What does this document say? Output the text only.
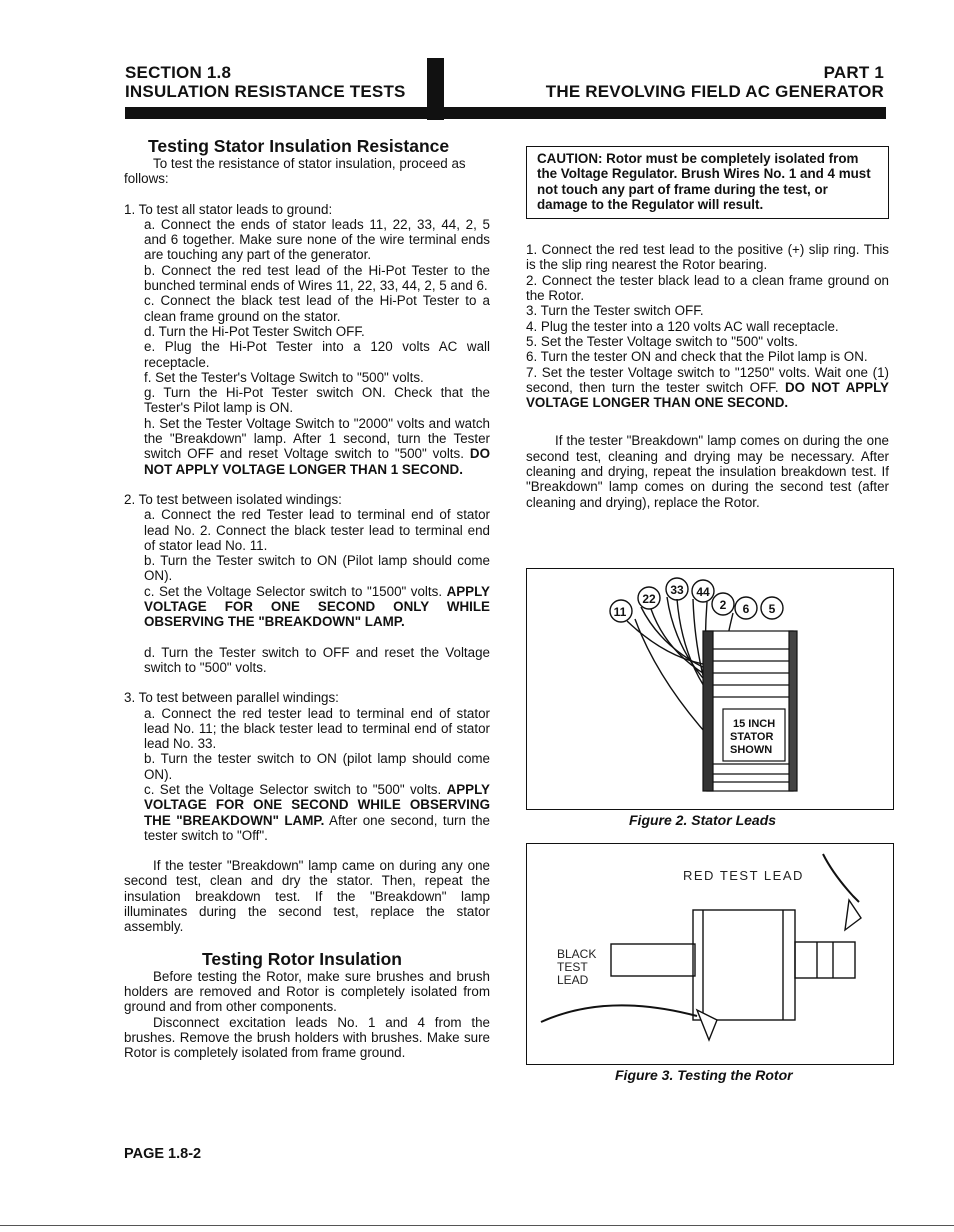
SECTION 1.8
INSULATION RESISTANCE TESTS
PART 1
THE REVOLVING FIELD AC GENERATOR
Testing Stator Insulation Resistance

To test the resistance of stator insulation, proceed as follows:

1. To test all stator leads to ground:

a. Connect the ends of stator leads 11, 22, 33, 44, 2, 5 and 6 together. Make sure none of the wire terminal ends are touching any part of the generator.

b. Connect the red test lead of the Hi-Pot Tester to the bunched terminal ends of Wires 11, 22, 33, 44, 2, 5 and 6.

c. Connect the black test lead of the Hi-Pot Tester to a clean frame ground on the stator.

d. Turn the Hi-Pot Tester Switch OFF.

e. Plug the Hi-Pot Tester into a 120 volts AC wall receptacle.

f. Set the Tester's Voltage Switch to "500" volts.

g. Turn the Hi-Pot Tester switch ON. Check that the Tester's Pilot lamp is ON.

h. Set the Tester Voltage Switch to "2000" volts and watch the "Breakdown" lamp. After 1 second, turn the Tester switch OFF and reset Voltage switch to "500" volts. DO NOT APPLY VOLTAGE LONGER THAN 1 SECOND.

2. To test between isolated windings:

a. Connect the red Tester lead to terminal end of stator lead No. 2. Connect the black tester lead to terminal end of stator lead No. 11.

b. Turn the Tester switch to ON (Pilot lamp should come ON).

c. Set the Voltage Selector switch to "1500" volts. APPLY VOLTAGE FOR ONE SECOND ONLY WHILE OBSERVING THE "BREAKDOWN" LAMP.

d. Turn the Tester switch to OFF and reset the Voltage switch to "500" volts.

3. To test between parallel windings:

a. Connect the red tester lead to terminal end of stator lead No. 11; the black tester lead to terminal end of stator lead No. 33.

b. Turn the tester switch to ON (pilot lamp should come ON).

c. Set the Voltage Selector switch to "500" volts. APPLY VOLTAGE FOR ONE SECOND WHILE OBSERVING THE "BREAKDOWN" LAMP. After one second, turn the tester switch to "Off".

If the tester "Breakdown" lamp came on during any one second test, clean and dry the stator. Then, repeat the insulation breakdown test. If the "Breakdown" lamp illuminates during the second test, replace the stator assembly.

Testing Rotor Insulation

Before testing the Rotor, make sure brushes and brush holders are removed and Rotor is completely isolated from ground and from other components.

Disconnect excitation leads No. 1 and 4 from the brushes. Remove the brush holders with brushes. Make sure Rotor is completely isolated from frame ground.

CAUTION: Rotor must be completely isolated from the Voltage Regulator. Brush Wires No. 1 and 4 must not touch any part of frame during the test, or damage to the Regulator will result.

1. Connect the red test lead to the positive (+) slip ring. This is the slip ring nearest the Rotor bearing.

2. Connect the tester black lead to a clean frame ground on the Rotor.

3. Turn the Tester switch OFF.

4. Plug the tester into a 120 volts AC wall receptacle.

5. Set the Tester Voltage switch to "500" volts.

6. Turn the tester ON and check that the Pilot lamp is ON.

7. Set the tester Voltage switch to "1250" volts. Wait one (1) second, then turn the tester switch OFF. DO NOT APPLY VOLTAGE LONGER THAN ONE SECOND.

If the tester "Breakdown" lamp comes on during the one second test, cleaning and drying may be necessary. After cleaning and drying, repeat the insulation breakdown test. If "Breakdown" lamp comes on during the second test (after cleaning and drying), replace the Rotor.

11
22
33 44
2 6 5
15 INCH
STATOR
SHOWN
Figure 2. Stator Leads
RED TEST LEAD
BLACK
TEST
LEAD
Figure 3. Testing the Rotor
PAGE 1.8-2
